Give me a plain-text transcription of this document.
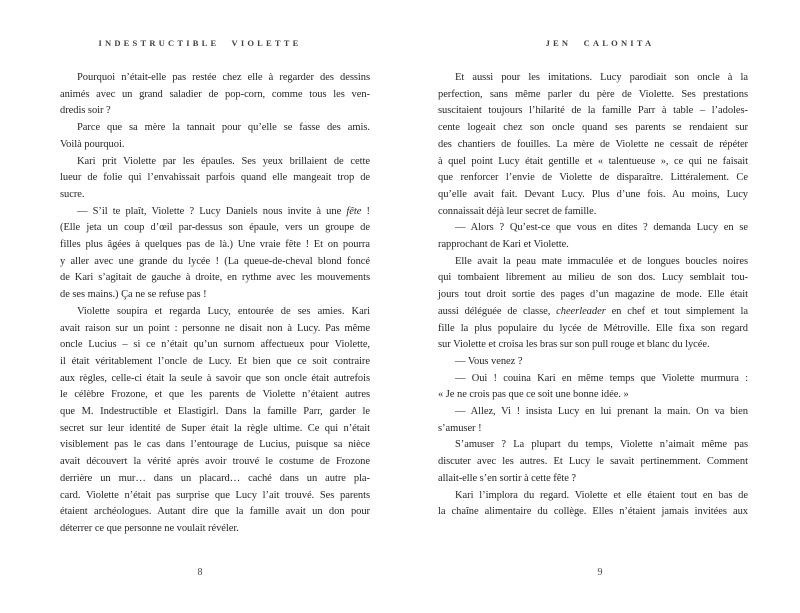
INDESTRUCTIBLE VIOLETTE
Pourquoi n’était-elle pas restée chez elle à regarder des dessins
animés avec un grand saladier de pop-corn, comme tous les ven-
dredis soir ?
Parce que sa mère la tannait pour qu’elle se fasse des amis.
Voilà pourquoi.
Kari prit Violette par les épaules. Ses yeux brillaient de cette
lueur de folie qui l’envahissait parfois quand elle mangeait trop de
sucre.
— S’il te plaît, Violette ? Lucy Daniels nous invite à une fête !
(Elle jeta un coup d’œil par-dessus son épaule, vers un groupe de
filles plus âgées à quelques pas de là.) Une vraie fête ! Et on pourra
y aller avec une grande du lycée ! (La queue-de-cheval blond foncé
de Kari s’agitait de gauche à droite, en rythme avec les mouvements
de ses mains.) Ça ne se refuse pas !
Violette soupira et regarda Lucy, entourée de ses amies. Kari
avait raison sur un point : personne ne disait non à Lucy. Pas même
oncle Lucius – si ce n’était qu’un surnom affectueux pour Violette,
il était véritablement l’oncle de Lucy. Et bien que ce soit contraire
aux règles, celle-ci était la seule à savoir que son oncle était autrefois
le célèbre Frozone, et que les parents de Violette n’étaient autres
que M. Indestructible et Elastigirl. Dans la famille Parr, garder le
secret sur leur identité de Super était la règle ultime. Ce qui n’était
visiblement pas le cas dans l’entourage de Lucius, puisque sa nièce
avait découvert la vérité après avoir trouvé le costume de Frozone
derrière un mur… dans un placard… caché dans un autre pla-
card. Violette n’était pas surprise que Lucy l’ait trouvé. Ses parents
étaient archéologues. Autant dire que la famille avait un don pour
déterrer ce que personne ne voulait révéler.
8
JEN CALONITA
Et aussi pour les imitations. Lucy parodiait son oncle à la
perfection, sans même parler du père de Violette. Ses prestations
suscitaient toujours l’hilarité de la famille Parr à table – l’adoles-
cente logeait chez son oncle quand ses parents se rendaient sur
des chantiers de fouilles. La mère de Violette ne cessait de répéter
à quel point Lucy était gentille et « talentueuse », ce qui ne faisait
que renforcer l’envie de Violette de disparaître. Littéralement. Ce
qu’elle avait fait. Devant Lucy. Plus d’une fois. Au moins, Lucy
connaissait déjà leur secret de famille.
— Alors ? Qu’est-ce que vous en dites ? demanda Lucy en se
rapprochant de Kari et Violette.
Elle avait la peau mate immaculée et de longues boucles noires
qui tombaient librement au milieu de son dos. Lucy semblait tou-
jours tout droit sortie des pages d’un magazine de mode. Elle était
aussi déléguée de classe, cheerleader en chef et tout simplement la
fille la plus populaire du lycée de Métroville. Elle fixa son regard
sur Violette et croisa les bras sur son pull rouge et blanc du lycée.
— Vous venez ?
— Oui ! couina Kari en même temps que Violette murmura :
« Je ne crois pas que ce soit une bonne idée. »
— Allez, Vi ! insista Lucy en lui prenant la main. On va bien
s’amuser !
S’amuser ? La plupart du temps, Violette n’aimait même pas
discuter avec les autres. Et Lucy le savait pertinemment. Comment
allait-elle s’en sortir à cette fête ?
Kari l’implora du regard. Violette et elle étaient tout en bas de
la chaîne alimentaire du collège. Elles n’étaient jamais invitées aux
9
